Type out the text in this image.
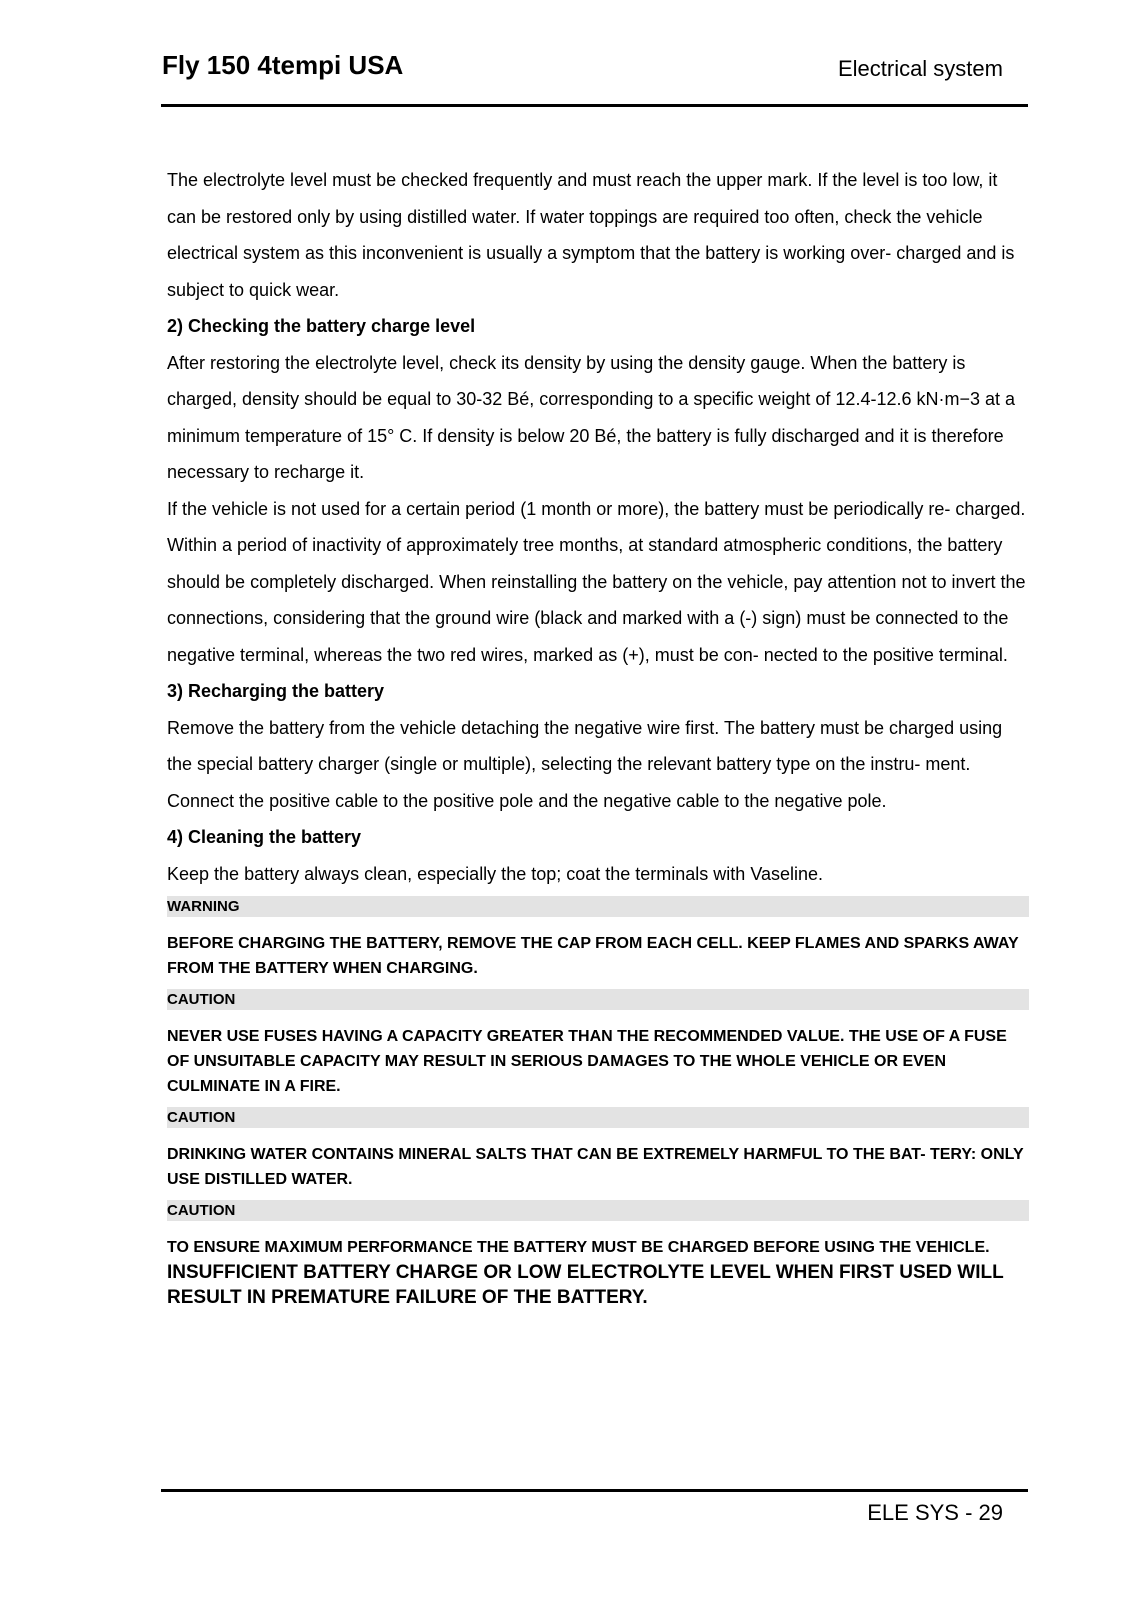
Fly 150 4tempi USA	Electrical system

The electrolyte level must be checked frequently and must reach the upper mark. If the level is too low, it can be restored only by using distilled water. If water toppings are required too often, check the vehicle electrical system as this inconvenient is usually a symptom that the battery is working over- charged and is subject to quick wear.

2) Checking the battery charge level

After restoring the electrolyte level, check its density by using the density gauge. When the battery is charged, density should be equal to 30-32 Bé, corresponding to a specific weight of 12.4-12.6 kN·m−3 at a minimum temperature of 15° C. If density is below 20 Bé, the battery is fully discharged and it is therefore necessary to recharge it.

If the vehicle is not used for a certain period (1 month or more), the battery must be periodically re- charged.

Within a period of inactivity of approximately tree months, at standard atmospheric conditions, the battery should be completely discharged. When reinstalling the battery on the vehicle, pay attention not to invert the connections, considering that the ground wire (black and marked with a (-) sign) must be connected to the negative terminal, whereas the two red wires, marked as (+), must be con- nected to the positive terminal.

3) Recharging the battery

Remove the battery from the vehicle detaching the negative wire first. The battery must be charged using the special battery charger (single or multiple), selecting the relevant battery type on the instru- ment. Connect the positive cable to the positive pole and the negative cable to the negative pole.

4) Cleaning the battery

Keep the battery always clean, especially the top; coat the terminals with Vaseline.

WARNING

BEFORE CHARGING THE BATTERY, REMOVE THE CAP FROM EACH CELL. KEEP FLAMES AND SPARKS AWAY FROM THE BATTERY WHEN CHARGING.

CAUTION

NEVER USE FUSES HAVING A CAPACITY GREATER THAN THE RECOMMENDED VALUE. THE USE OF A FUSE OF UNSUITABLE CAPACITY MAY RESULT IN SERIOUS DAMAGES TO THE WHOLE VEHICLE OR EVEN CULMINATE IN A FIRE.

CAUTION

DRINKING WATER CONTAINS MINERAL SALTS THAT CAN BE EXTREMELY HARMFUL TO THE BAT- TERY: ONLY USE DISTILLED WATER.

CAUTION

TO ENSURE MAXIMUM PERFORMANCE THE BATTERY MUST BE CHARGED BEFORE USING THE VEHICLE.

INSUFFICIENT BATTERY CHARGE OR LOW ELECTROLYTE LEVEL WHEN FIRST USED WILL RESULT IN PREMATURE FAILURE OF THE BATTERY.

ELE SYS - 29
